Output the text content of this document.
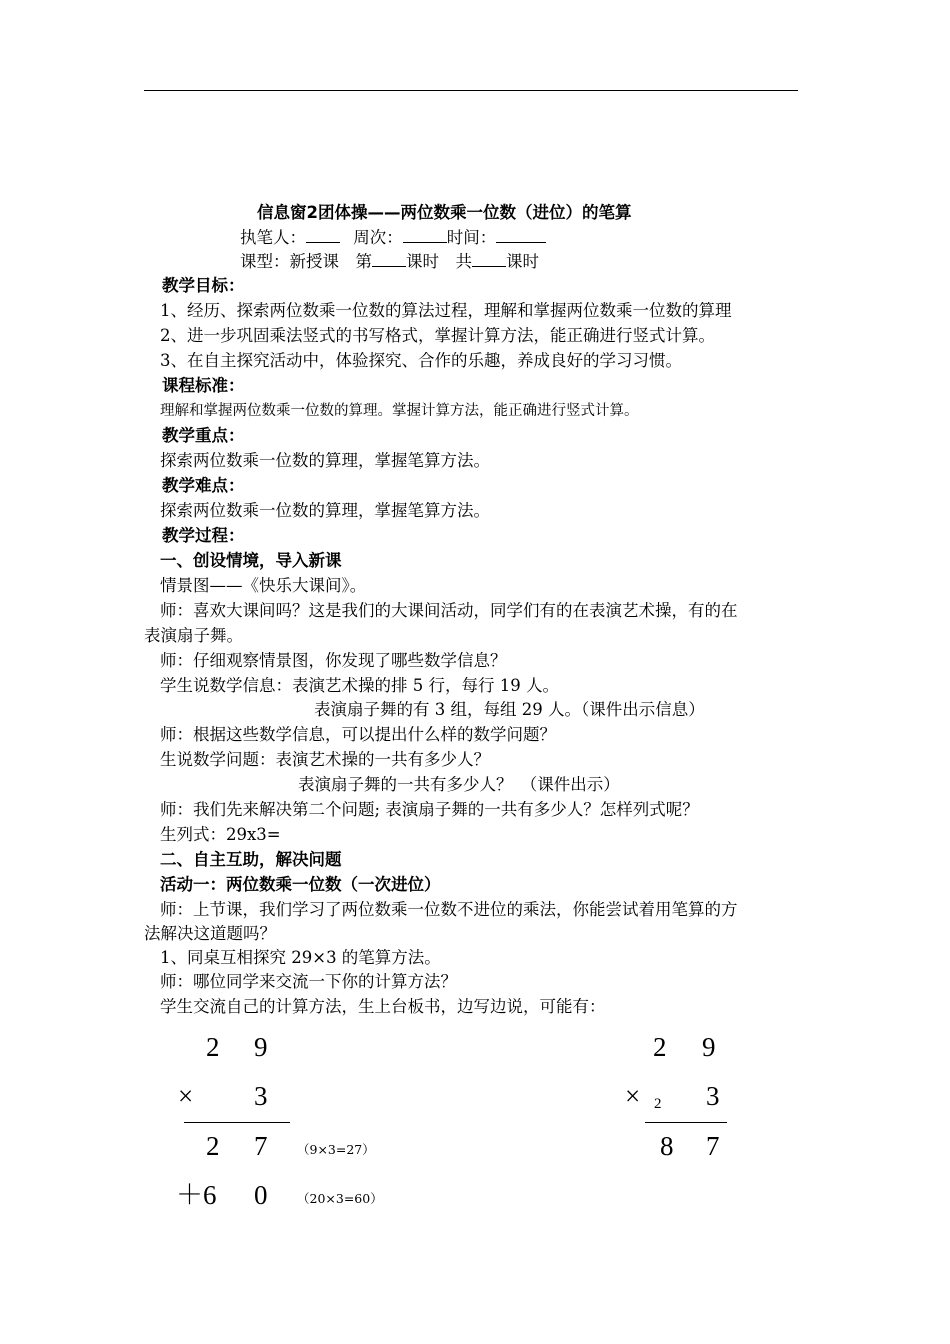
信息窗2团体操——两位数乘一位数（进位）的笔算
执笔人：	周次：	时间：
课型：新授课　第 课时　共 课时
教学目标：
1、经历、探索两位数乘一位数的算法过程，理解和掌握两位数乘一位数的算理
2、进一步巩固乘法竖式的书写格式，掌握计算方法，能正确进行竖式计算。
3、在自主探究活动中，体验探究、合作的乐趣，养成良好的学习习惯。
课程标准：
理解和掌握两位数乘一位数的算理。掌握计算方法，能正确进行竖式计算。
教学重点：
探索两位数乘一位数的算理，掌握笔算方法。
教学难点：
探索两位数乘一位数的算理，掌握笔算方法。
教学过程：
一、创设情境，导入新课
情景图——《快乐大课间》。
师：喜欢大课间吗？这是我们的大课间活动，同学们有的在表演艺术操，有的在
表演扇子舞。
师：仔细观察情景图，你发现了哪些数学信息？
学生说数学信息：表演艺术操的排 5 行，每行 19 人。
表演扇子舞的有 3 组，每组 29 人。（课件出示信息）
师：根据这些数学信息，可以提出什么样的数学问题？
生说数学问题：表演艺术操的一共有多少人？
表演扇子舞的一共有多少人？　（课件出示）
师：我们先来解决第二个问题; 表演扇子舞的一共有多少人？怎样列式呢？
生列式：29x3=
二、自主互助，解决问题
活动一：两位数乘一位数（一次进位）
师：上节课，我们学习了两位数乘一位数不进位的乘法，你能尝试着用笔算的方
法解决这道题吗？
1、同桌互相探究 29×3 的笔算方法。
师：哪位同学来交流一下你的计算方法？
学生交流自己的计算方法，生上台板书，边写边说，可能有：
2 9
× 3
2 7 （9×3=27）
＋6 0 （20×3=60）
2 9
× 2 3
8 7
